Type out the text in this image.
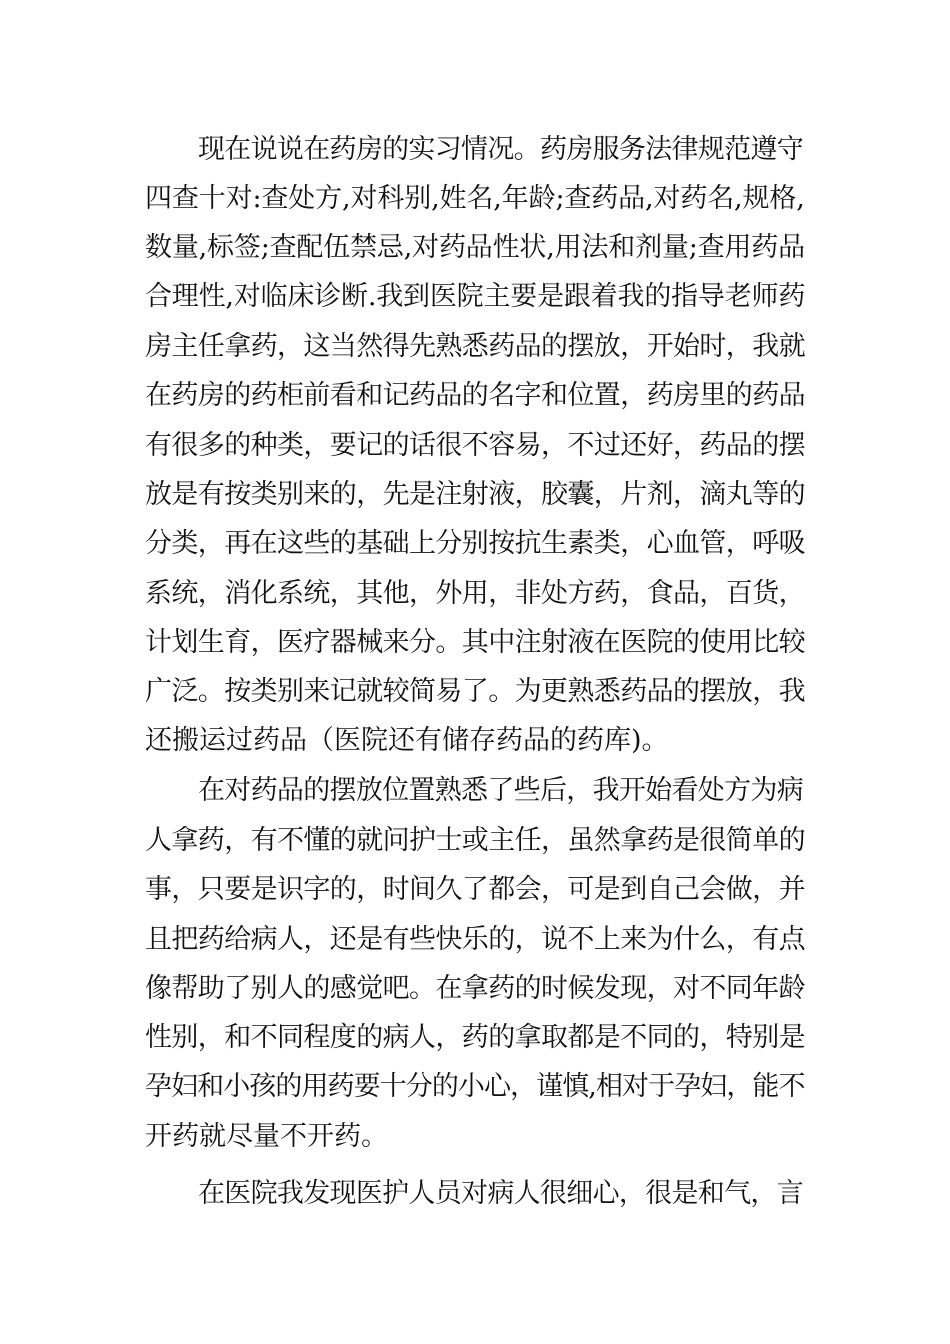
现在说说在药房的实习情况。药房服务法律规范遵守
四查十对:查处方,对科别,姓名,年龄;查药品,对药名,规格,
数量,标签;查配伍禁忌,对药品性状,用法和剂量;查用药品
合理性,对临床诊断.我到医院主要是跟着我的指导老师药
房主任拿药，这当然得先熟悉药品的摆放，开始时，我就
在药房的药柜前看和记药品的名字和位置，药房里的药品
有很多的种类，要记的话很不容易，不过还好，药品的摆
放是有按类别来的，先是注射液，胶囊，片剂，滴丸等的
分类，再在这些的基础上分别按抗生素类，心血管，呼吸
系统，消化系统，其他，外用，非处方药，食品，百货，
计划生育，医疗器械来分。其中注射液在医院的使用比较
广泛。按类别来记就较简易了。为更熟悉药品的摆放，我
还搬运过药品（医院还有储存药品的药库)。
在对药品的摆放位置熟悉了些后，我开始看处方为病
人拿药，有不懂的就问护士或主任，虽然拿药是很简单的
事，只要是识字的，时间久了都会，可是到自己会做，并
且把药给病人，还是有些快乐的，说不上来为什么，有点
像帮助了别人的感觉吧。在拿药的时候发现，对不同年龄
性别，和不同程度的病人，药的拿取都是不同的，特别是
孕妇和小孩的用药要十分的小心，谨慎,相对于孕妇，能不
开药就尽量不开药。
在医院我发现医护人员对病人很细心，很是和气，言
